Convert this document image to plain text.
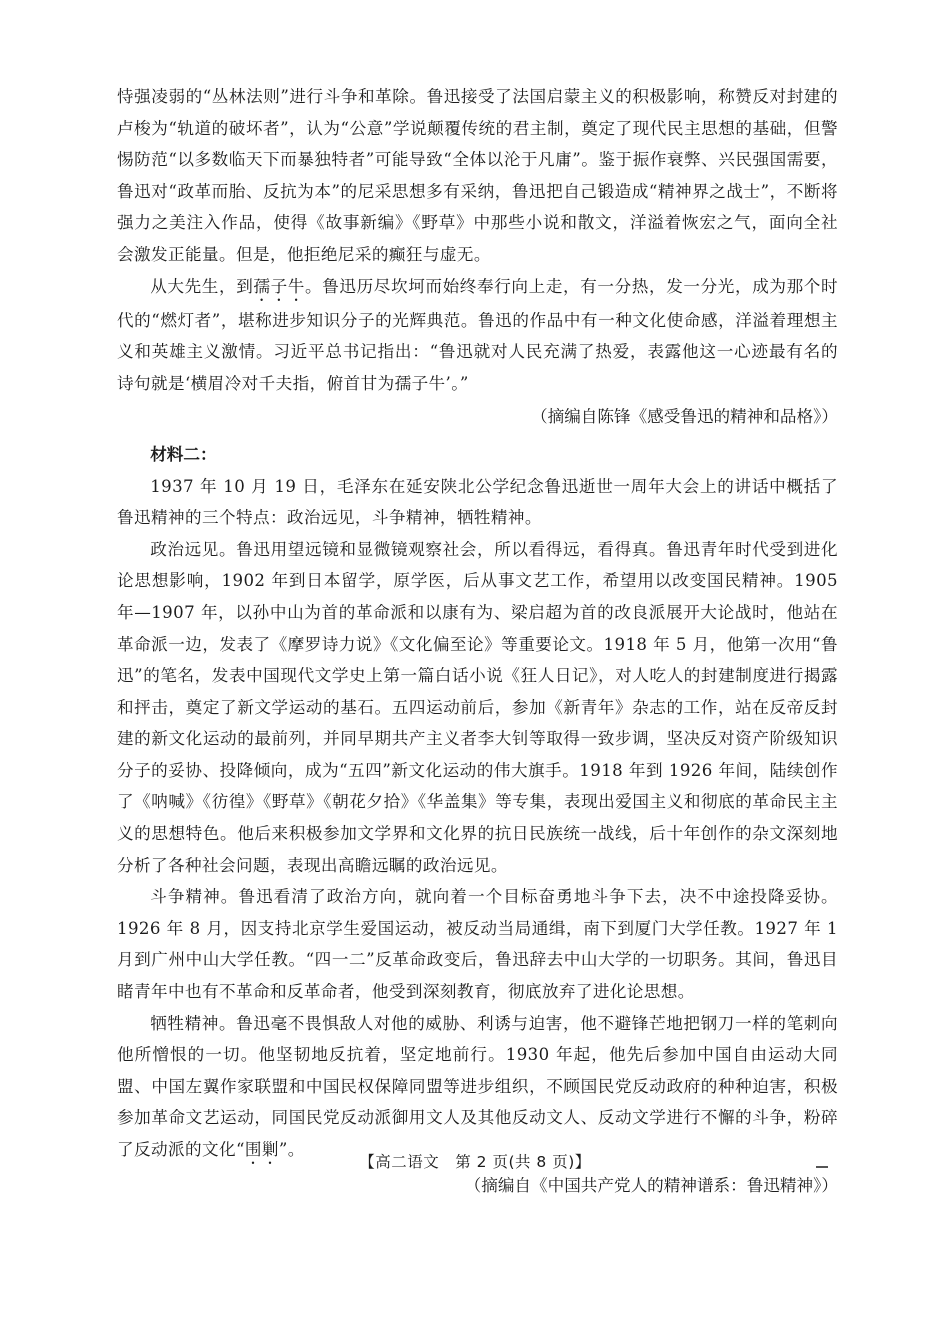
恃强凌弱的“丛林法则”进行斗争和革除。鲁迅接受了法国启蒙主义的积极影响，称赞反对封建的卢梭为“轨道的破坏者”，认为“公意”学说颠覆传统的君主制，奠定了现代民主思想的基础，但警惕防范“以多数临天下而暴独特者”可能导致“全体以沦于凡庸”。鉴于振作衰弊、兴民强国需要，鲁迅对“政革而胎、反抗为本”的尼采思想多有采纳，鲁迅把自己锻造成“精神界之战士”，不断将强力之美注入作品，使得《故事新编》《野草》中那些小说和散文，洋溢着恢宏之气，面向全社会激发正能量。但是，他拒绝尼采的癫狂与虚无。

从大先生，到孺子牛。鲁迅历尽坎坷而始终奉行向上走，有一分热，发一分光，成为那个时代的“燃灯者”，堪称进步知识分子的光辉典范。鲁迅的作品中有一种文化使命感，洋溢着理想主义和英雄主义激情。习近平总书记指出：“鲁迅就对人民充满了热爱，表露他这一心迹最有名的诗句就是‘横眉冷对千夫指，俯首甘为孺子牛’。”

（摘编自陈锋《感受鲁迅的精神和品格》）

材料二：

1937 年 10 月 19 日，毛泽东在延安陕北公学纪念鲁迅逝世一周年大会上的讲话中概括了鲁迅精神的三个特点：政治远见，斗争精神，牺牲精神。

政治远见。鲁迅用望远镜和显微镜观察社会，所以看得远，看得真。鲁迅青年时代受到进化论思想影响，1902 年到日本留学，原学医，后从事文艺工作，希望用以改变国民精神。1905 年—1907 年，以孙中山为首的革命派和以康有为、梁启超为首的改良派展开大论战时，他站在革命派一边，发表了《摩罗诗力说》《文化偏至论》等重要论文。1918 年 5 月，他第一次用“鲁迅”的笔名，发表中国现代文学史上第一篇白话小说《狂人日记》，对人吃人的封建制度进行揭露和抨击，奠定了新文学运动的基石。五四运动前后，参加《新青年》杂志的工作，站在反帝反封建的新文化运动的最前列，并同早期共产主义者李大钊等取得一致步调，坚决反对资产阶级知识分子的妥协、投降倾向，成为“五四”新文化运动的伟大旗手。1918 年到 1926 年间，陆续创作了《呐喊》《彷徨》《野草》《朝花夕拾》《华盖集》等专集，表现出爱国主义和彻底的革命民主主义的思想特色。他后来积极参加文学界和文化界的抗日民族统一战线，后十年创作的杂文深刻地分析了各种社会问题，表现出高瞻远瞩的政治远见。

斗争精神。鲁迅看清了政治方向，就向着一个目标奋勇地斗争下去，决不中途投降妥协。1926 年 8 月，因支持北京学生爱国运动，被反动当局通缉，南下到厦门大学任教。1927 年 1 月到广州中山大学任教。“四一二”反革命政变后，鲁迅辞去中山大学的一切职务。其间，鲁迅目睹青年中也有不革命和反革命者，他受到深刻教育，彻底放弃了进化论思想。

牺牲精神。鲁迅毫不畏惧敌人对他的威胁、利诱与迫害，他不避锋芒地把钢刀一样的笔刺向他所憎恨的一切。他坚韧地反抗着，坚定地前行。1930 年起，他先后参加中国自由运动大同盟、中国左翼作家联盟和中国民权保障同盟等进步组织，不顾国民党反动政府的种种迫害，积极参加革命文艺运动，同国民党反动派御用文人及其他反动文人、反动文学进行不懈的斗争，粉碎了反动派的文化“围剿”。

（摘编自《中国共产党人的精神谱系：鲁迅精神》）

【高二语文　第 2 页(共 8 页)】
